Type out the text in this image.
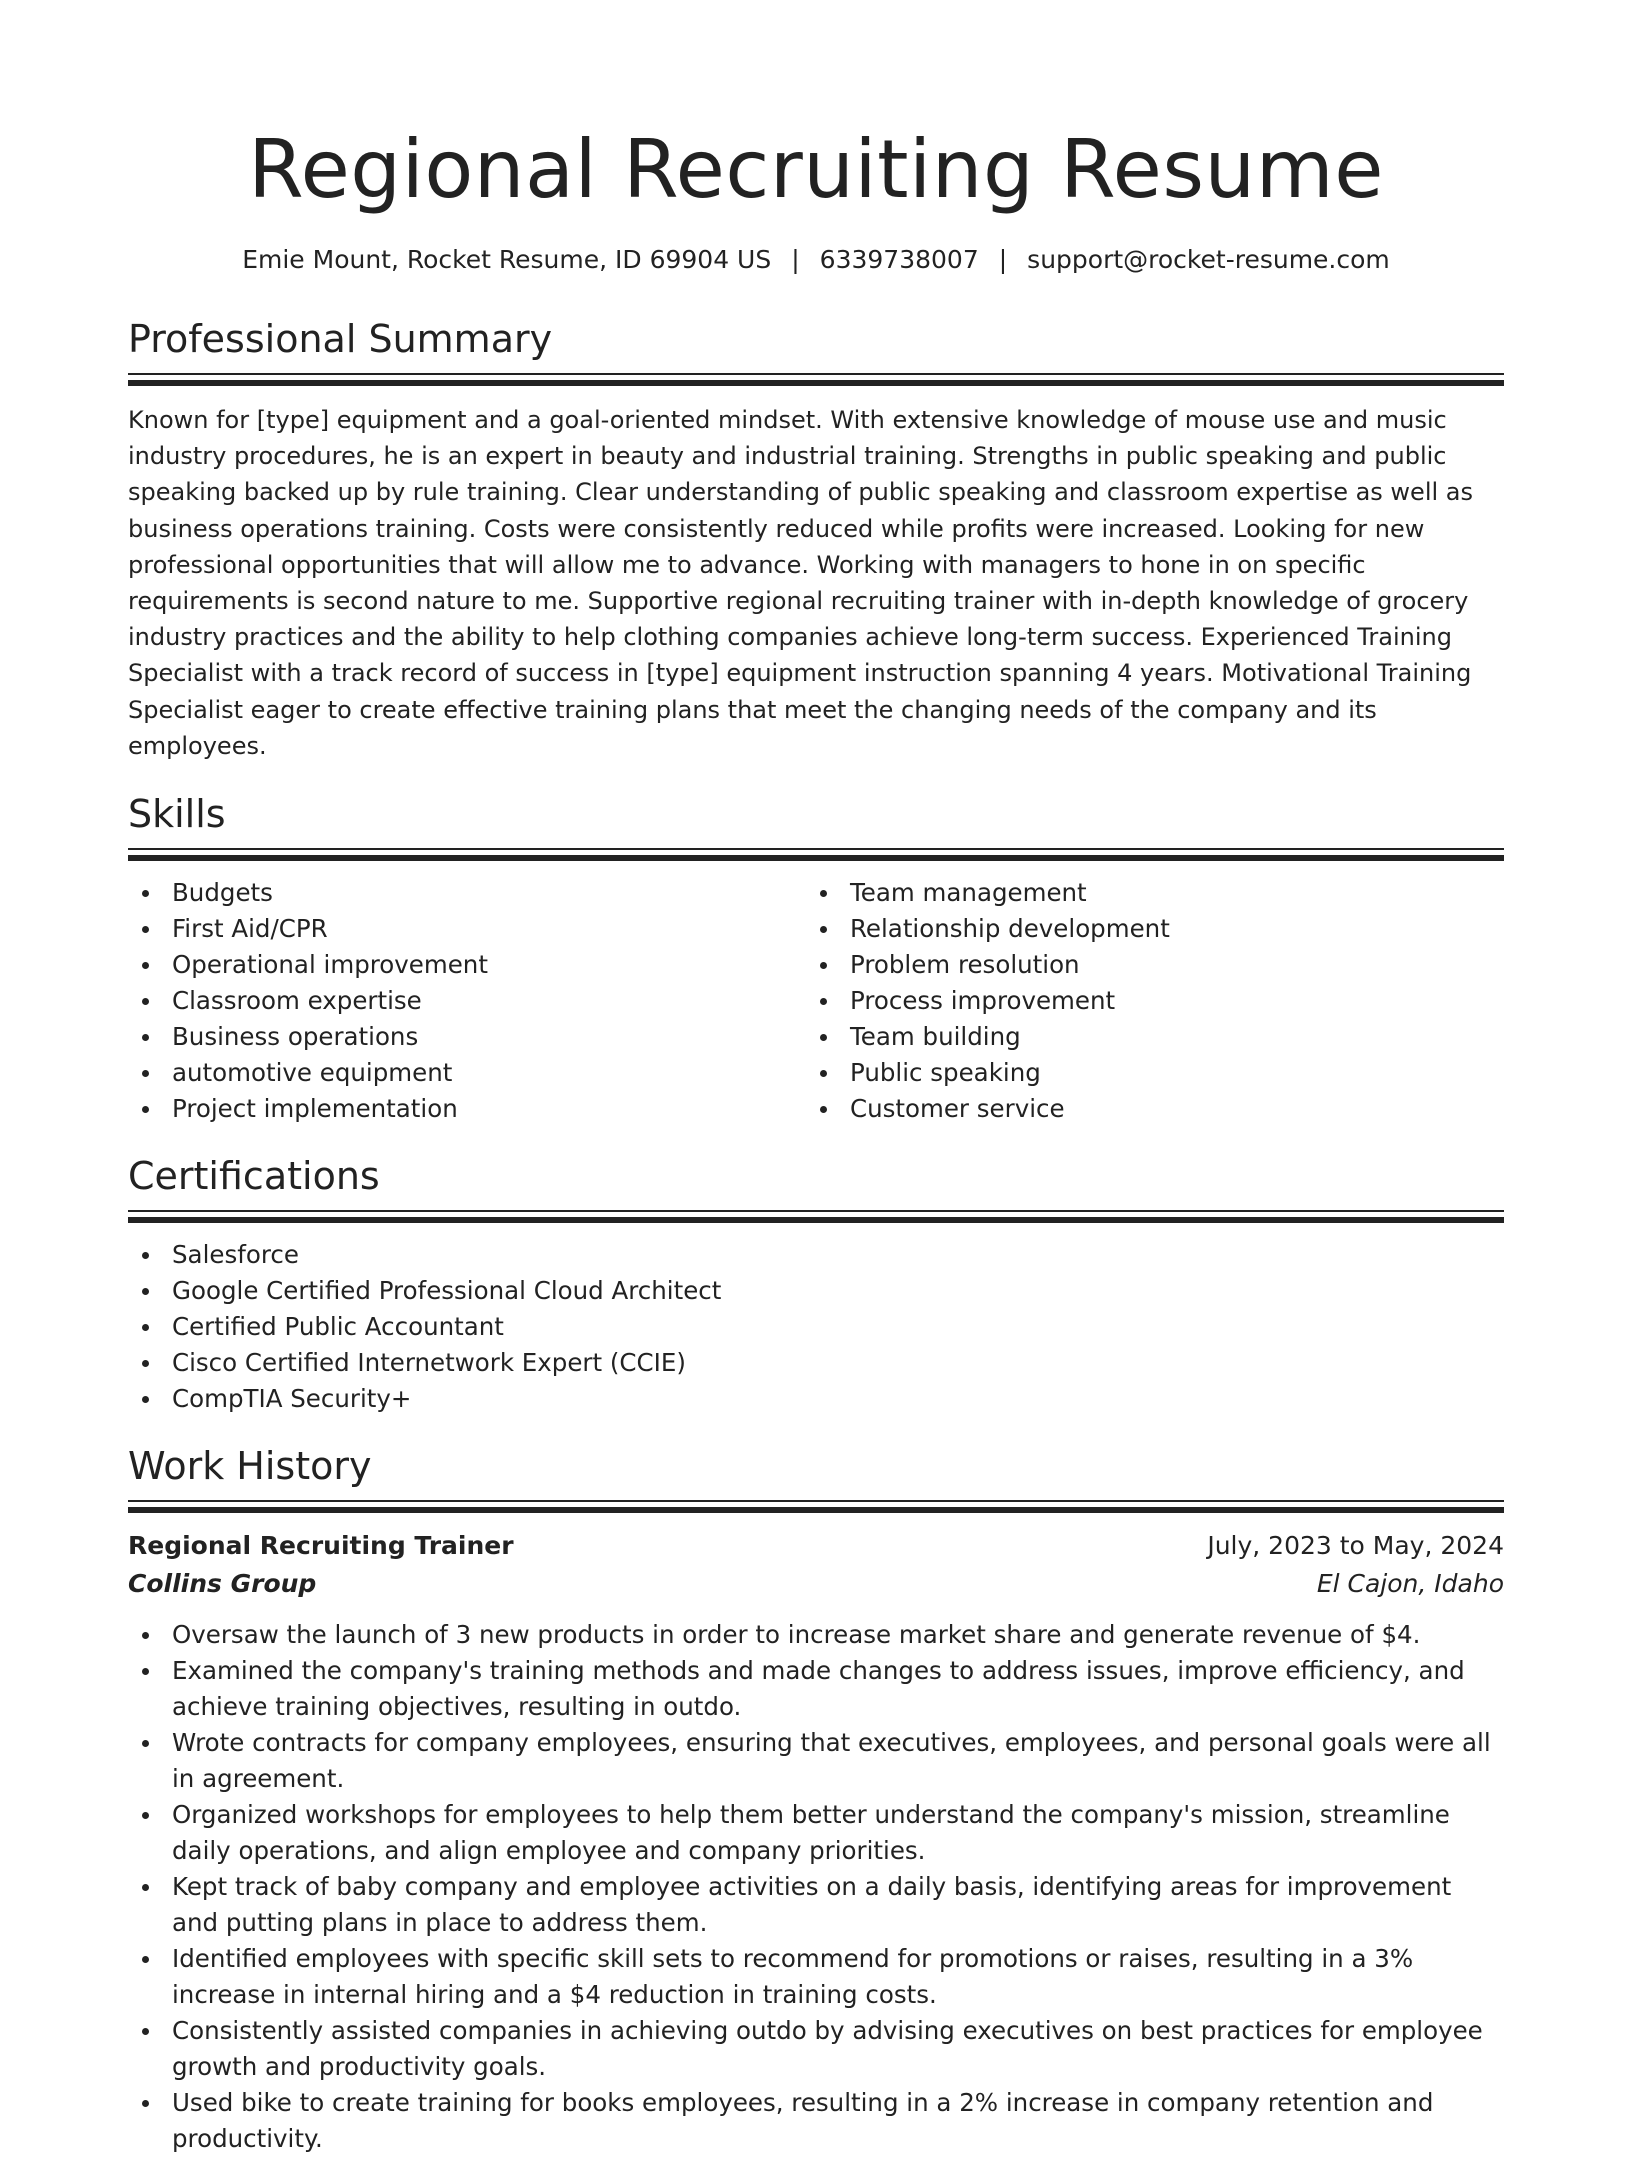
Regional Recruiting Resume
Emie Mount, Rocket Resume, ID 69904 US | 6339738007 | support@rocket-resume.com
Professional Summary

Known for [type] equipment and a goal-oriented mindset. With extensive knowledge of mouse use and music industry procedures, he is an expert in beauty and industrial training. Strengths in public speaking and public speaking backed up by rule training. Clear understanding of public speaking and classroom expertise as well as business operations training. Costs were consistently reduced while profits were increased. Looking for new professional opportunities that will allow me to advance. Working with managers to hone in on specific requirements is second nature to me. Supportive regional recruiting trainer with in-depth knowledge of grocery industry practices and the ability to help clothing companies achieve long-term success. Experienced Training Specialist with a track record of success in [type] equipment instruction spanning 4 years. Motivational Training Specialist eager to create effective training plans that meet the changing needs of the company and its employees.

Skills
Budgets
First Aid/CPR
Operational improvement
Classroom expertise
Business operations
automotive equipment
Project implementation
Team management
Relationship development
Problem resolution
Process improvement
Team building
Public speaking
Customer service
Certifications
Salesforce
Google Certified Professional Cloud Architect
Certified Public Accountant
Cisco Certified Internetwork Expert (CCIE)
CompTIA Security+
Work History
Regional Recruiting Trainer	July, 2023 to May, 2024
Collins Group	El Cajon, Idaho
Oversaw the launch of 3 new products in order to increase market share and generate revenue of $4.
Examined the company's training methods and made changes to address issues, improve efficiency, and achieve training objectives, resulting in outdo.
Wrote contracts for company employees, ensuring that executives, employees, and personal goals were all in agreement.
Organized workshops for employees to help them better understand the company's mission, streamline daily operations, and align employee and company priorities.
Kept track of baby company and employee activities on a daily basis, identifying areas for improvement and putting plans in place to address them.
Identified employees with specific skill sets to recommend for promotions or raises, resulting in a 3% increase in internal hiring and a $4 reduction in training costs.
Consistently assisted companies in achieving outdo by advising executives on best practices for employee growth and productivity goals.
Used bike to create training for books employees, resulting in a 2% increase in company retention and productivity.
